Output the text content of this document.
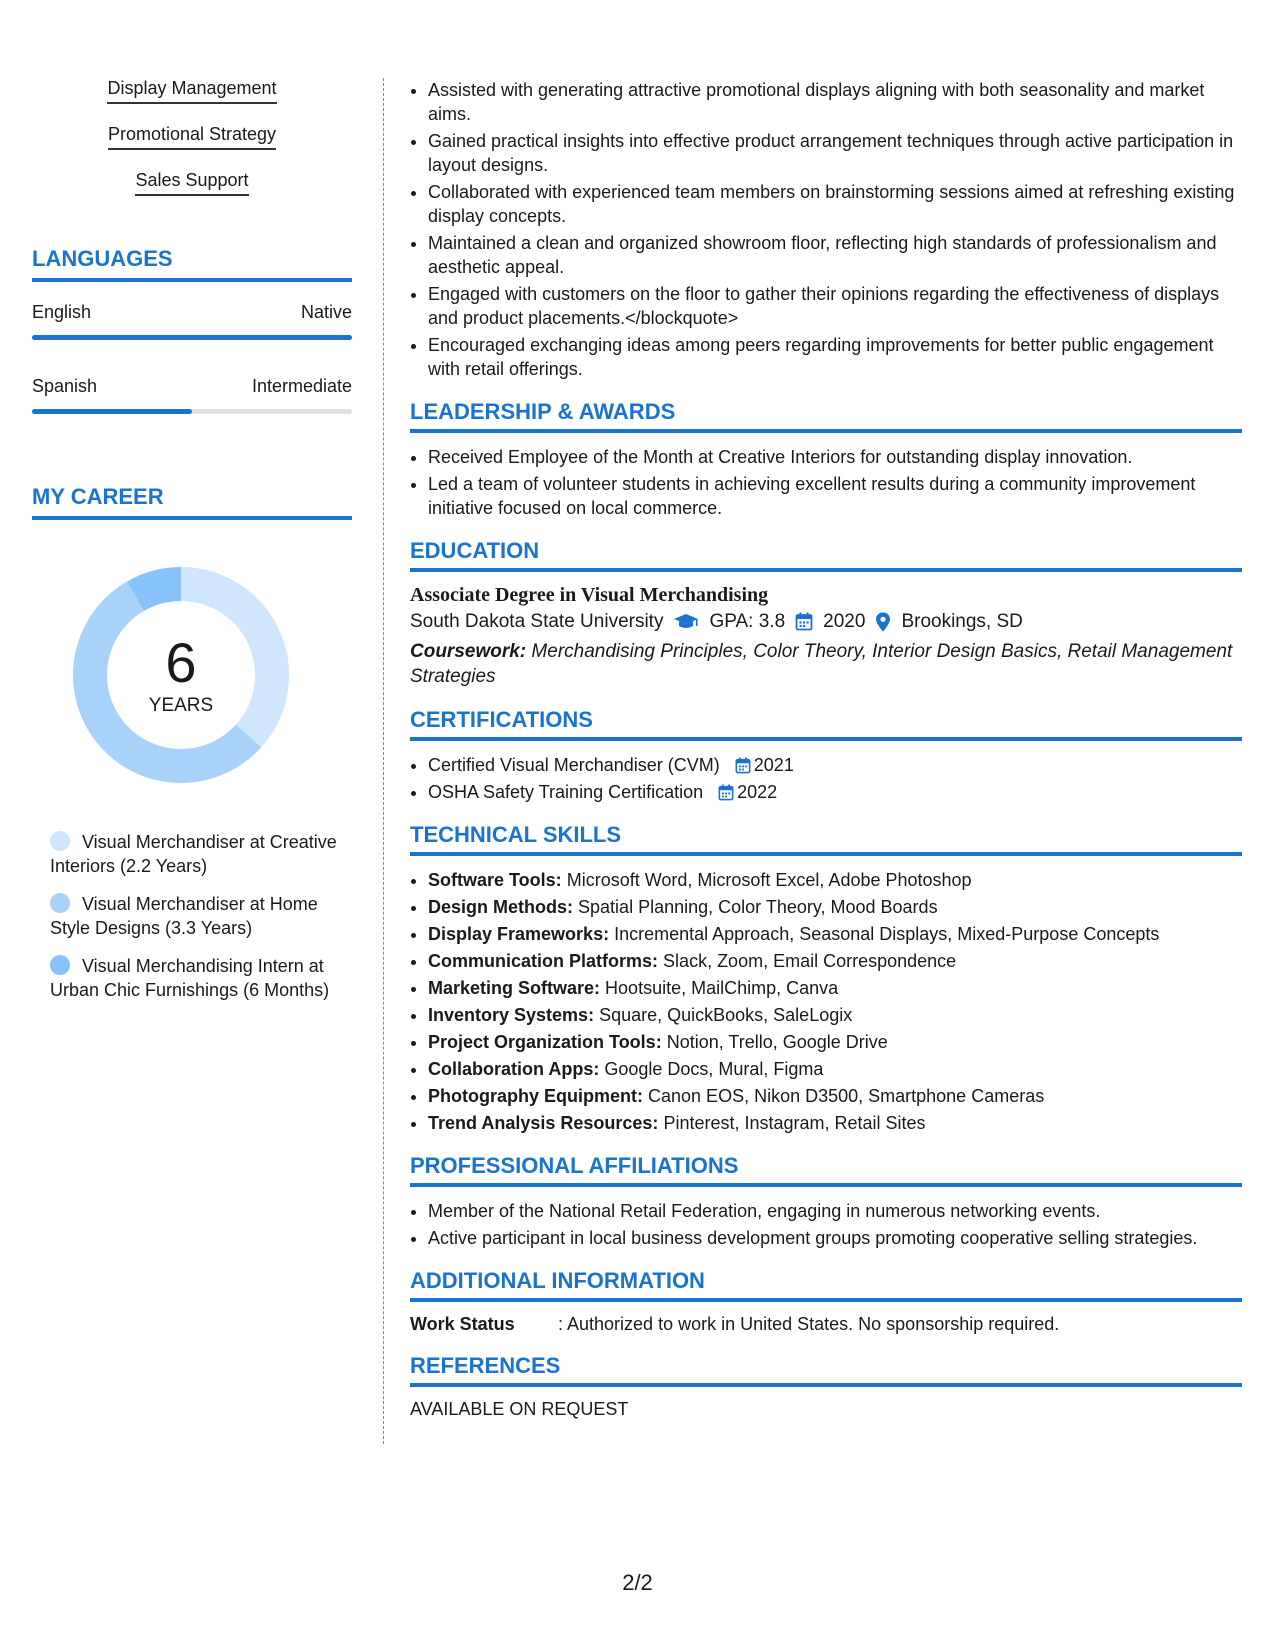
Display Management
Promotional Strategy
Sales Support
LANGUAGES
English	Native
Spanish	Intermediate
MY CAREER
6
YEARS
Visual Merchandiser at Creative Interiors (2.2 Years)
Visual Merchandiser at Home Style Designs (3.3 Years)
Visual Merchandising Intern at Urban Chic Furnishings (6 Months)
• Assisted with generating attractive promotional displays aligning with both seasonality and market aims.
• Gained practical insights into effective product arrangement techniques through active participation in layout designs.
• Collaborated with experienced team members on brainstorming sessions aimed at refreshing existing display concepts.
• Maintained a clean and organized showroom floor, reflecting high standards of professionalism and aesthetic appeal.
• Engaged with customers on the floor to gather their opinions regarding the effectiveness of displays and product placements.</blockquote>
• Encouraged exchanging ideas among peers regarding improvements for better public engagement with retail offerings.
LEADERSHIP & AWARDS
• Received Employee of the Month at Creative Interiors for outstanding display innovation.
• Led a team of volunteer students in achieving excellent results during a community improvement initiative focused on local commerce.
EDUCATION
Associate Degree in Visual Merchandising
South Dakota State University GPA: 3.8 2020 Brookings, SD
Coursework: Merchandising Principles, Color Theory, Interior Design Basics, Retail Management Strategies
CERTIFICATIONS
• Certified Visual Merchandiser (CVM) 2021
• OSHA Safety Training Certification 2022
TECHNICAL SKILLS
• Software Tools: Microsoft Word, Microsoft Excel, Adobe Photoshop
• Design Methods: Spatial Planning, Color Theory, Mood Boards
• Display Frameworks: Incremental Approach, Seasonal Displays, Mixed-Purpose Concepts
• Communication Platforms: Slack, Zoom, Email Correspondence
• Marketing Software: Hootsuite, MailChimp, Canva
• Inventory Systems: Square, QuickBooks, SaleLogix
• Project Organization Tools: Notion, Trello, Google Drive
• Collaboration Apps: Google Docs, Mural, Figma
• Photography Equipment: Canon EOS, Nikon D3500, Smartphone Cameras
• Trend Analysis Resources: Pinterest, Instagram, Retail Sites
PROFESSIONAL AFFILIATIONS
• Member of the National Retail Federation, engaging in numerous networking events.
• Active participant in local business development groups promoting cooperative selling strategies.
ADDITIONAL INFORMATION
Work Status	: Authorized to work in United States. No sponsorship required.
REFERENCES
AVAILABLE ON REQUEST
2/2
